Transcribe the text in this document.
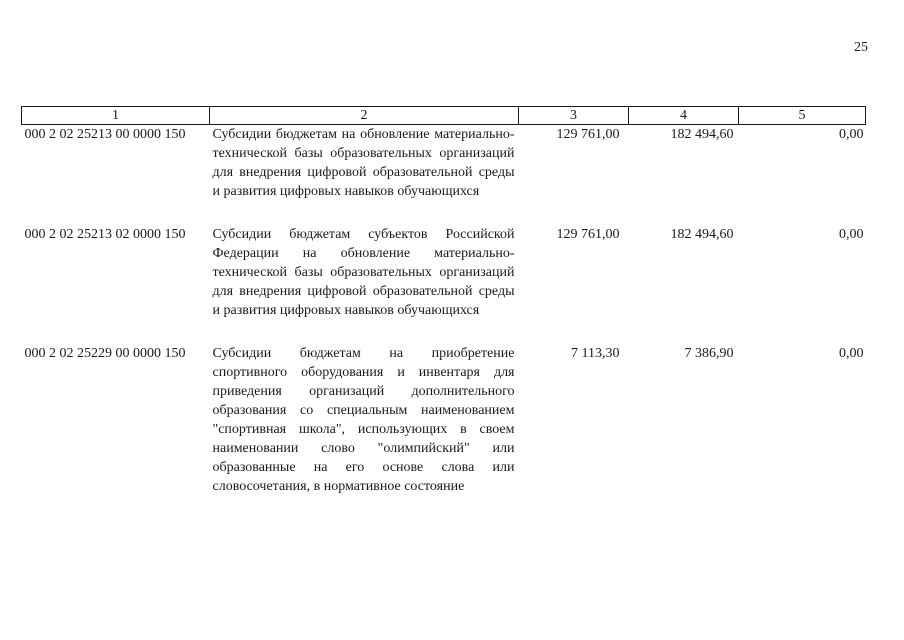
25
1	2	3	4	5
000 2 02 25213 00 0000 150	Субсидии бюджетам на обновление материально-технической базы образовательных организаций для внедрения цифровой образовательной среды и развития цифровых навыков обучающихся	129 761,00	182 494,60	0,00
000 2 02 25213 02 0000 150	Субсидии бюджетам субъектов Российской Федерации на обновление материально-технической базы образовательных организаций для внедрения цифровой образовательной среды и развития цифровых навыков обучающихся	129 761,00	182 494,60	0,00
000 2 02 25229 00 0000 150	Субсидии бюджетам на приобретение спортивного оборудования и инвентаря для приведения организаций дополнительного образования со специальным наименованием "спортивная школа", использующих в своем наименовании слово "олимпийский" или образованные на его основе слова или словосочетания, в нормативное состояние	7 113,30	7 386,90	0,00
